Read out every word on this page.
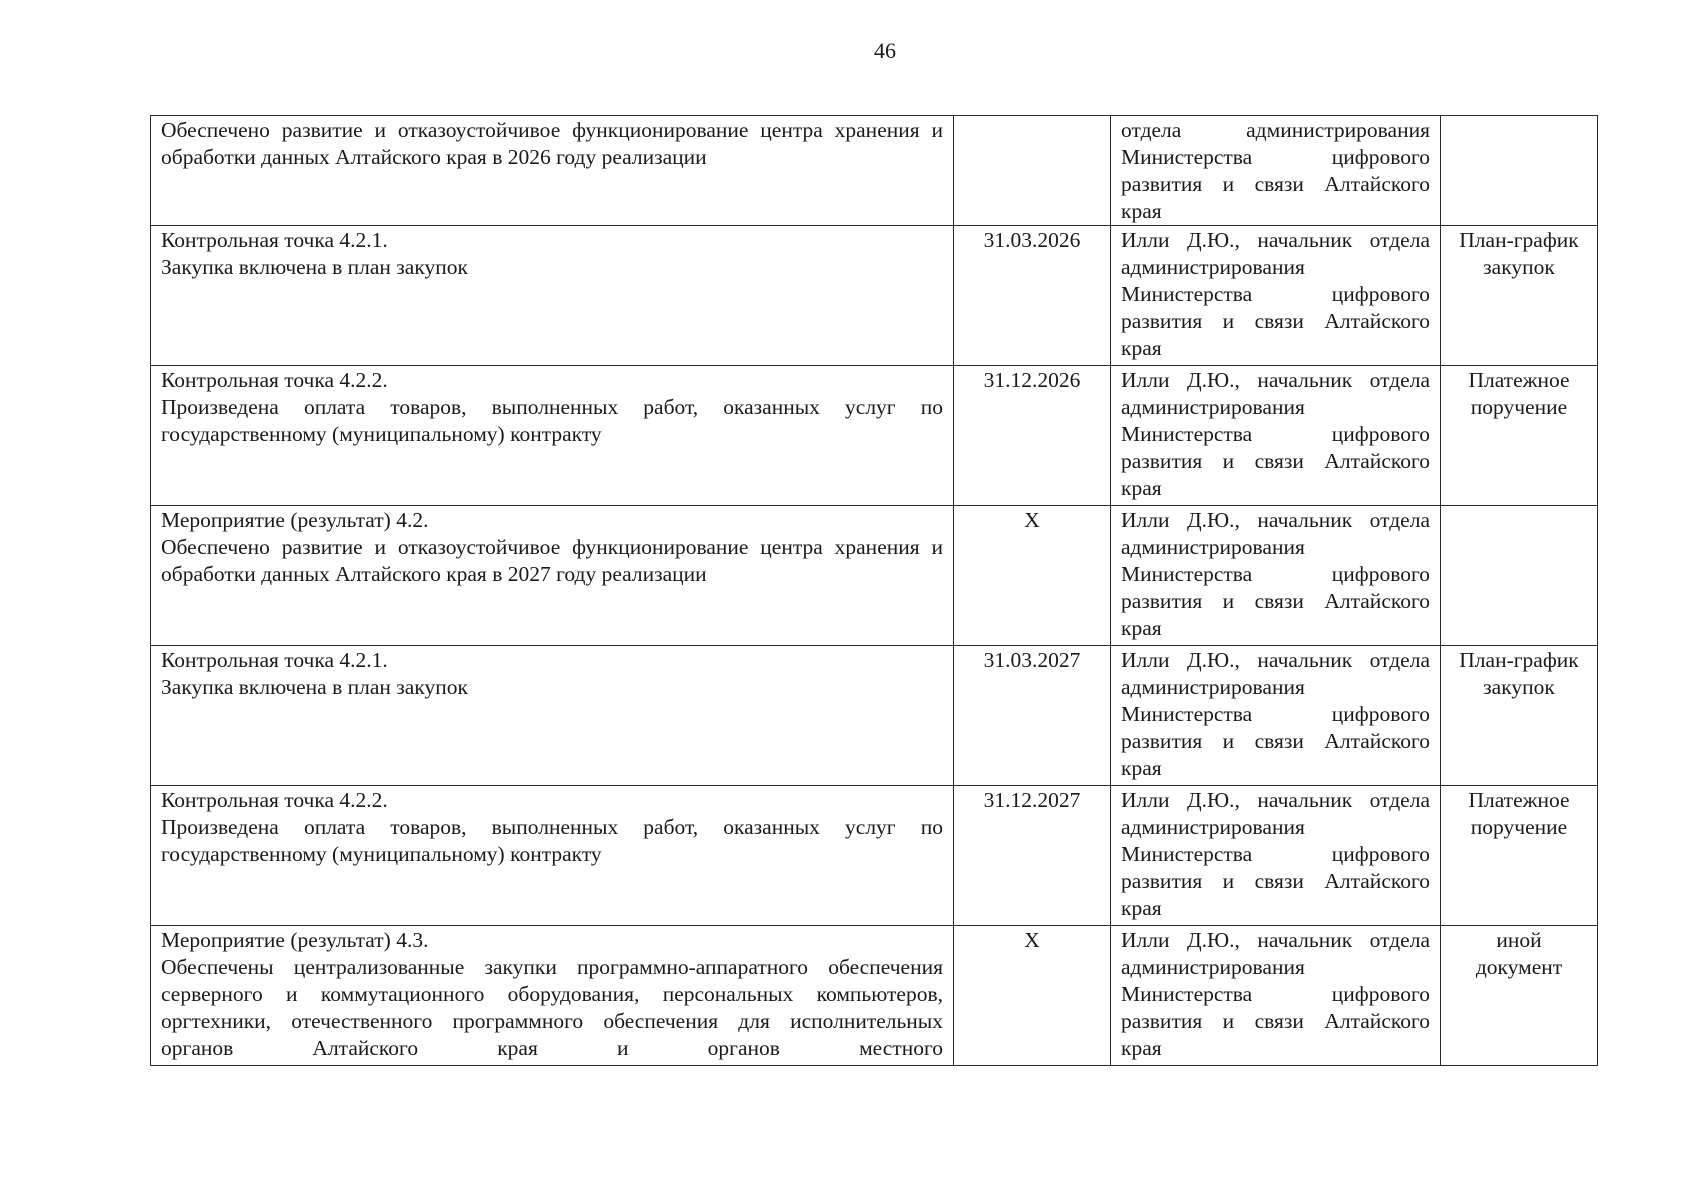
46
Обеспечено развитие и отказоустойчивое функционирование центра хранения и обработки данных Алтайского края в 2026 году реализации		отдела администрирования Министерства цифрового развития и связи Алтайского края	

Контрольная точка 4.2.1.
Закупка включена в план закупок	31.03.2026	Илли Д.Ю., начальник отдела администрирования Министерства цифрового развития и связи Алтайского края	План-график закупок

Контрольная точка 4.2.2.
Произведена оплата товаров, выполненных работ, оказанных услуг по государственному (муниципальному) контракту	31.12.2026	Илли Д.Ю., начальник отдела администрирования Министерства цифрового развития и связи Алтайского края	Платежное поручение

Мероприятие (результат) 4.2.
Обеспечено развитие и отказоустойчивое функционирование центра хранения и обработки данных Алтайского края в 2027 году реализации	X	Илли Д.Ю., начальник отдела администрирования Министерства цифрового развития и связи Алтайского края	

Контрольная точка 4.2.1.
Закупка включена в план закупок	31.03.2027	Илли Д.Ю., начальник отдела администрирования Министерства цифрового развития и связи Алтайского края	План-график закупок

Контрольная точка 4.2.2.
Произведена оплата товаров, выполненных работ, оказанных услуг по государственному (муниципальному) контракту	31.12.2027	Илли Д.Ю., начальник отдела администрирования Министерства цифрового развития и связи Алтайского края	Платежное поручение

Мероприятие (результат) 4.3.
Обеспечены централизованные закупки программно-аппаратного обеспечения серверного и коммутационного оборудования, персональных компьютеров, оргтехники, отечественного программного обеспечения для исполнительных органов Алтайского края и органов местного	X	Илли Д.Ю., начальник отдела администрирования Министерства цифрового развития и связи Алтайского края	иной документ
